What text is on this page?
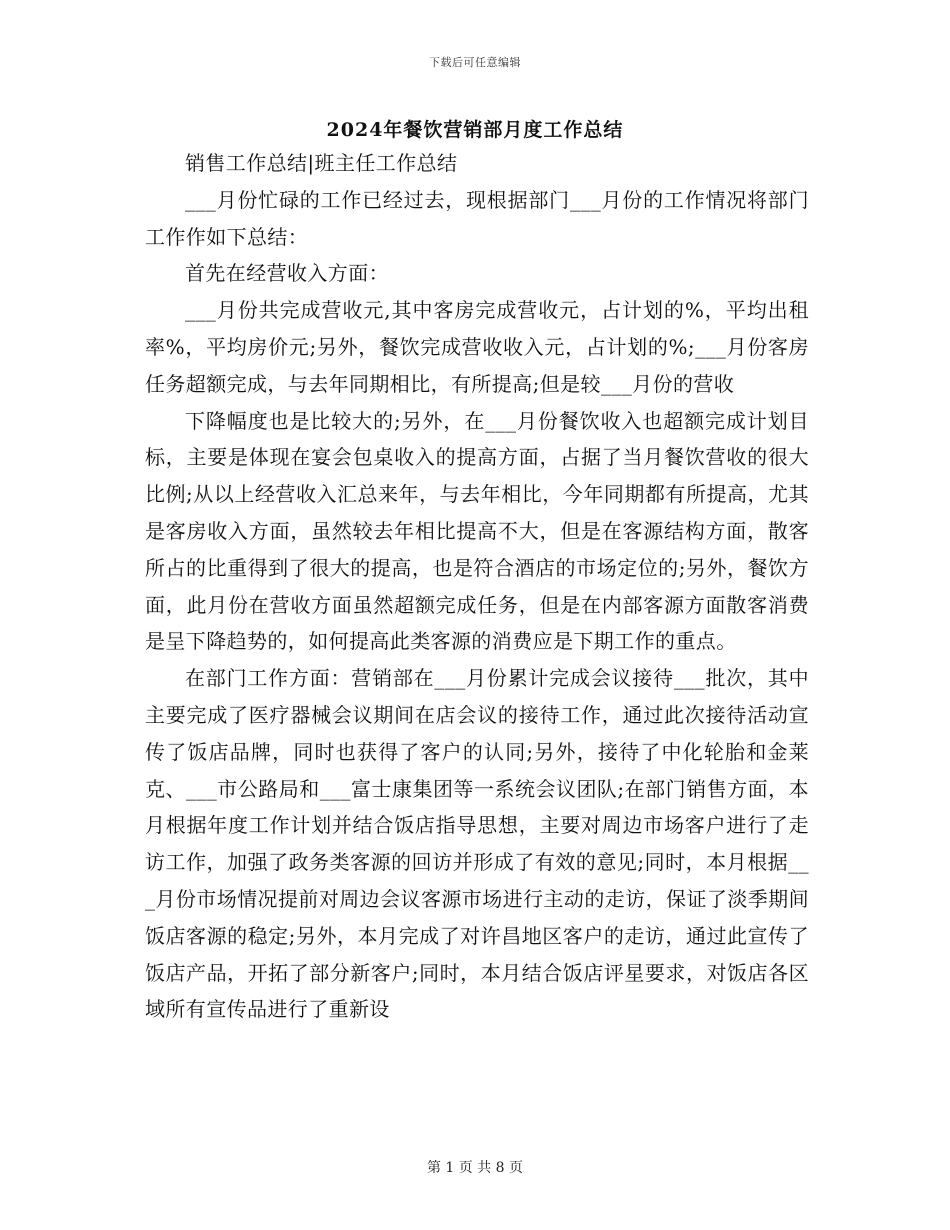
下载后可任意编辑
2024年餐饮营销部月度工作总结

销售工作总结|班主任工作总结

___月份忙碌的工作已经过去，现根据部门___月份的工作情况将部门工作作如下总结：

首先在经营收入方面：

___月份共完成营收元,其中客房完成营收元，占计划的%，平均出租率%，平均房价元;另外，餐饮完成营收收入元，占计划的%;___月份客房任务超额完成，与去年同期相比，有所提高;但是较___月份的营收

下降幅度也是比较大的;另外，在___月份餐饮收入也超额完成计划目标，主要是体现在宴会包桌收入的提高方面，占据了当月餐饮营收的很大比例;从以上经营收入汇总来年，与去年相比，今年同期都有所提高，尤其是客房收入方面，虽然较去年相比提高不大，但是在客源结构方面，散客所占的比重得到了很大的提高，也是符合酒店的市场定位的;另外，餐饮方面，此月份在营收方面虽然超额完成任务，但是在内部客源方面散客消费是呈下降趋势的，如何提高此类客源的消费应是下期工作的重点。

在部门工作方面：营销部在___月份累计完成会议接待___批次，其中主要完成了医疗器械会议期间在店会议的接待工作，通过此次接待活动宣传了饭店品牌，同时也获得了客户的认同;另外，接待了中化轮胎和金莱克、___市公路局和___富士康集团等一系统会议团队;在部门销售方面，本月根据年度工作计划并结合饭店指导思想，主要对周边市场客户进行了走访工作，加强了政务类客源的回访并形成了有效的意见;同时，本月根据___月份市场情况提前对周边会议客源市场进行主动的走访，保证了淡季期间饭店客源的稳定;另外，本月完成了对许昌地区客户的走访，通过此宣传了饭店产品，开拓了部分新客户;同时，本月结合饭店评星要求，对饭店各区域所有宣传品进行了重新设

第 1 页 共 8 页
